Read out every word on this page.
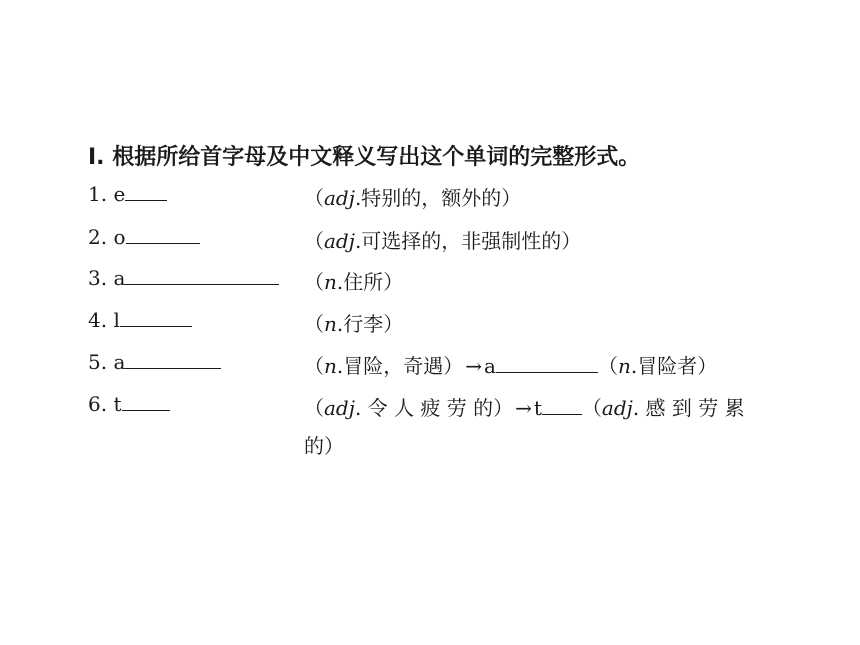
Ⅰ. 根据所给首字母及中文释义写出这个单词的完整形式。
1. e	（adj.特别的，额外的）
2. o	（adj.可选择的，非强制性的）
3. a	（n.住所）
4. l	（n.行李）
5. a	（n.冒险，奇遇） → a	（n.冒险者）
6. t	（adj. 令 人 疲 劳 的） → t （adj. 感 到 劳 累
的）
